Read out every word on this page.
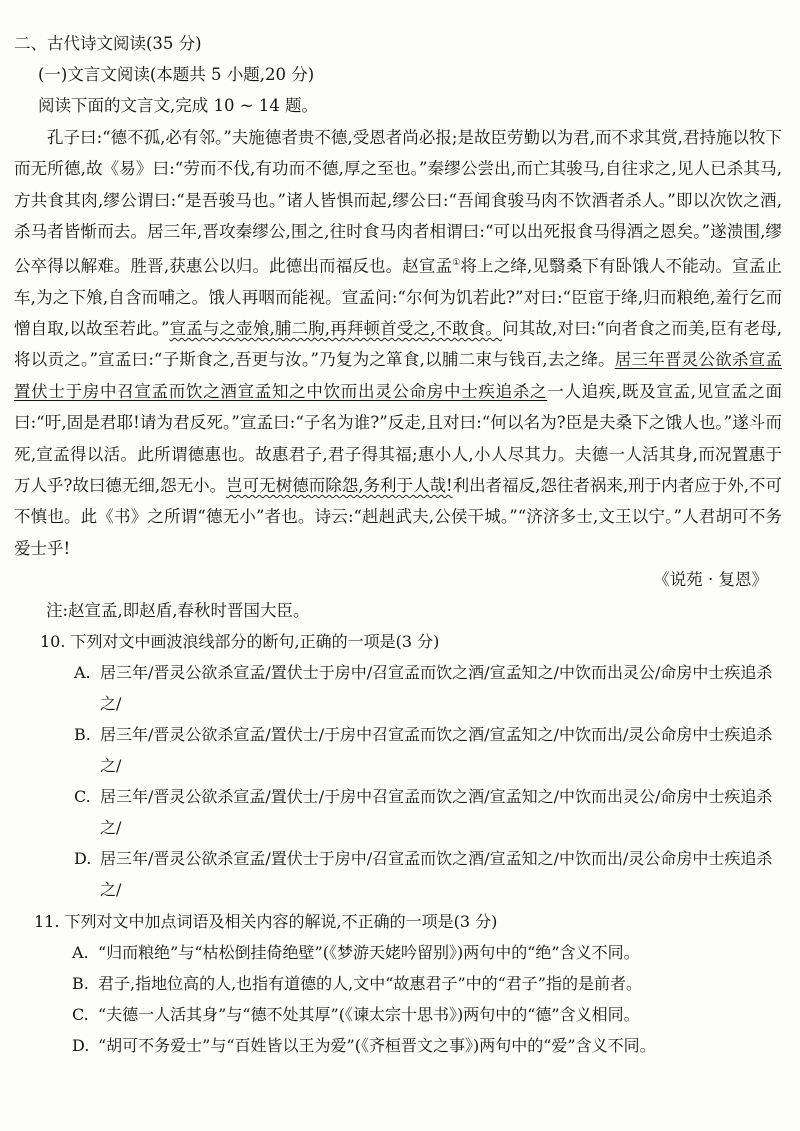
二、古代诗文阅读(35 分)
(一)文言文阅读(本题共 5 小题,20 分)
阅读下面的文言文,完成 10 ~ 14 题。

孔子曰:“德不孤,必有邻。”夫施德者贵不德,受恩者尚必报;是故臣劳勤以为君,而不求其赏,君持施以牧下而无所德,故《易》曰:“劳而不伐,有功而不德,厚之至也。”秦缪公尝出,而亡其骏马,自往求之,见人已杀其马,方共食其肉,缪公谓曰:“是吾骏马也。”诸人皆惧而起,缪公曰:“吾闻食骏马肉不饮酒者杀人。”即以次饮之酒,杀马者皆惭而去。居三年,晋攻秦缪公,围之,往时食马肉者相谓曰:“可以出死报食马得酒之恩矣。”遂溃围,缪公卒得以解难。胜晋,获惠公以归。此德出而福反也。赵宣孟①将上之绛,见翳桑下有卧饿人不能动。宣孟止车,为之下飧,自含而哺之。饿人再咽而能视。宣孟问:“尔何为饥若此?”对曰:“臣宦于绛,归而粮绝,羞行乞而憎自取,以故至若此。”宣孟与之壶飧,脯二朐,再拜顿首受之,不敢食。问其故,对曰:“向者食之而美,臣有老母,将以贡之。”宣孟曰:“子斯食之,吾更与汝。”乃复为之箪食,以脯二束与钱百,去之绛。居三年晋灵公欲杀宣孟置伏士于房中召宣孟而饮之酒宣孟知之中饮而出灵公命房中士疾追杀之一人追疾,既及宣孟,见宣孟之面曰:“吁,固是君耶!请为君反死。”宣孟曰:“子名为谁?”反走,且对曰:“何以名为?臣是夫桑下之饿人也。”遂斗而死,宣孟得以活。此所谓德惠也。故惠君子,君子得其福;惠小人,小人尽其力。夫德一人活其身,而况置惠于万人乎?故曰德无细,怨无小。岂可无树德而除怨,务利于人哉!利出者福反,怨往者祸来,刑于内者应于外,不可不慎也。此《书》之所谓“德无小”者也。诗云:“赳赳武夫,公侯干城。”“济济多士,文王以宁。”人君胡可不务爱士乎!

《说苑 · 复恩》
注:赵宣孟,即赵盾,春秋时晋国大臣。
10. 下列对文中画波浪线部分的断句,正确的一项是(3 分)
A. 居三年/晋灵公欲杀宣孟/置伏士于房中/召宣孟而饮之酒/宣孟知之/中饮而出灵公/命房中士疾追杀之/
B. 居三年/晋灵公欲杀宣孟/置伏士/于房中召宣孟而饮之酒/宣孟知之/中饮而出/灵公命房中士疾追杀之/
C. 居三年/晋灵公欲杀宣孟/置伏士/于房中召宣孟而饮之酒/宣孟知之/中饮而出灵公/命房中士疾追杀之/
D. 居三年/晋灵公欲杀宣孟/置伏士于房中/召宣孟而饮之酒/宣孟知之/中饮而出/灵公命房中士疾追杀之/
11. 下列对文中加点词语及相关内容的解说,不正确的一项是(3 分)
A. “归而粮绝”与“枯松倒挂倚绝壁”(《梦游天姥吟留别》)两句中的“绝”含义不同。
B. 君子,指地位高的人,也指有道德的人,文中“故惠君子”中的“君子”指的是前者。
C. “夫德一人活其身”与“德不处其厚”(《谏太宗十思书》)两句中的“德”含义相同。
D. “胡可不务爱士”与“百姓皆以王为爱”(《齐桓晋文之事》)两句中的“爱”含义不同。
